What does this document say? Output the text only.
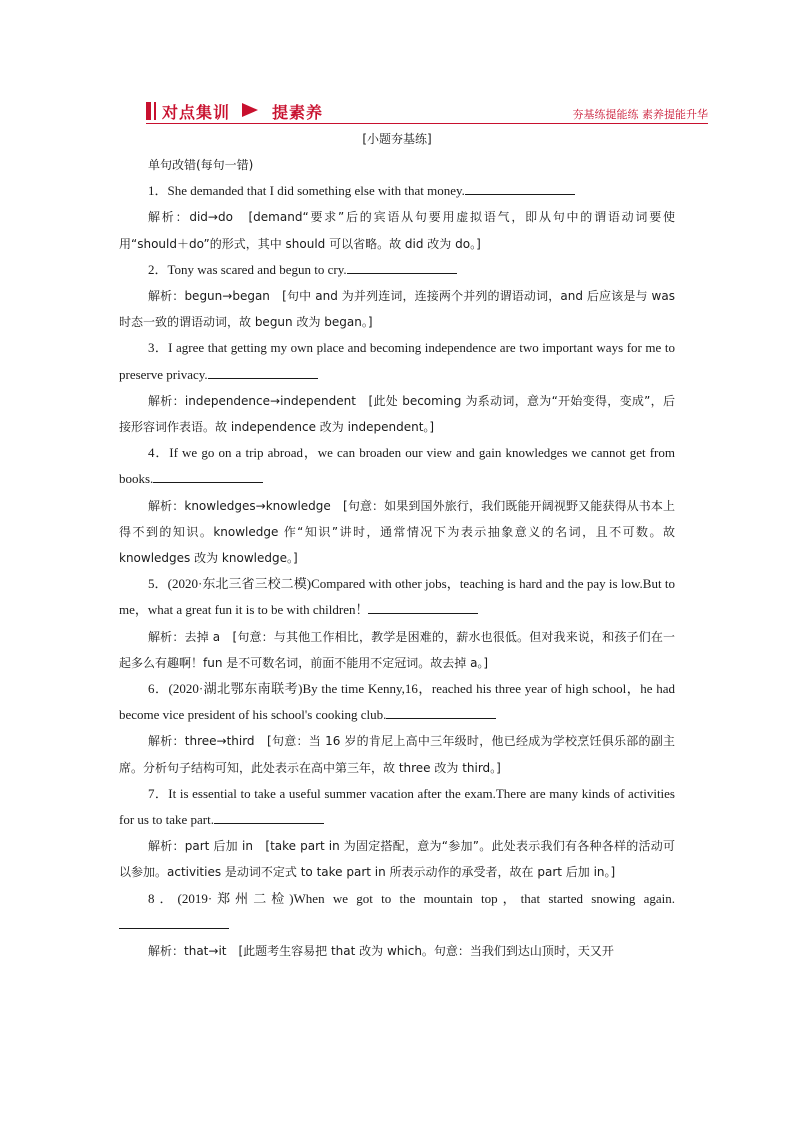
对点集训	提素养	夯基练提能练 素养提能升华
[小题夯基练]

单句改错(每句一错)

1．She demanded that I did something else with that money.

解析：did→do　[demand“要求”后的宾语从句要用虚拟语气，即从句中的谓语动词要使用“should＋do”的形式，其中 should 可以省略。故 did 改为 do。]

2．Tony was scared and begun to cry.

解析：begun→began　[句中 and 为并列连词，连接两个并列的谓语动词，and 后应该是与 was 时态一致的谓语动词，故 begun 改为 began。]

3．I agree that getting my own place and becoming independence are two important ways for me to preserve privacy.

解析：independence→independent　[此处 becoming 为系动词，意为“开始变得，变成”，后接形容词作表语。故 independence 改为 independent。]

4．If we go on a trip abroad，we can broaden our view and gain knowledges we cannot get from books.

解析：knowledges→knowledge　[句意：如果到国外旅行，我们既能开阔视野又能获得从书本上得不到的知识。knowledge 作“知识”讲时，通常情况下为表示抽象意义的名词，且不可数。故 knowledges 改为 knowledge。]

5．(2020·东北三省三校二模)Compared with other jobs，teaching is hard and the pay is low.But to me，what a great fun it is to be with children！

解析：去掉 a　[句意：与其他工作相比，教学是困难的，薪水也很低。但对我来说，和孩子们在一起多么有趣啊！fun 是不可数名词，前面不能用不定冠词。故去掉 a。]

6．(2020·湖北鄂东南联考)By the time Kenny,16，reached his three year of high school，he had become vice president of his school's cooking club.

解析：three→third　[句意：当 16 岁的肯尼上高中三年级时，他已经成为学校烹饪俱乐部的副主席。分析句子结构可知，此处表示在高中第三年，故 three 改为 third。]

7．It is essential to take a useful summer vacation after the exam.There are many kinds of activities for us to take part.

解析：part 后加 in　[take part in 为固定搭配，意为“参加”。此处表示我们有各种各样的活动可以参加。activities 是动词不定式 to take part in 所表示动作的承受者，故在 part 后加 in。]

8．(2019·郑州二检)When we got to the mountain top，that started snowing again.

解析：that→it　[此题考生容易把 that 改为 which。句意：当我们到达山顶时，天又开
